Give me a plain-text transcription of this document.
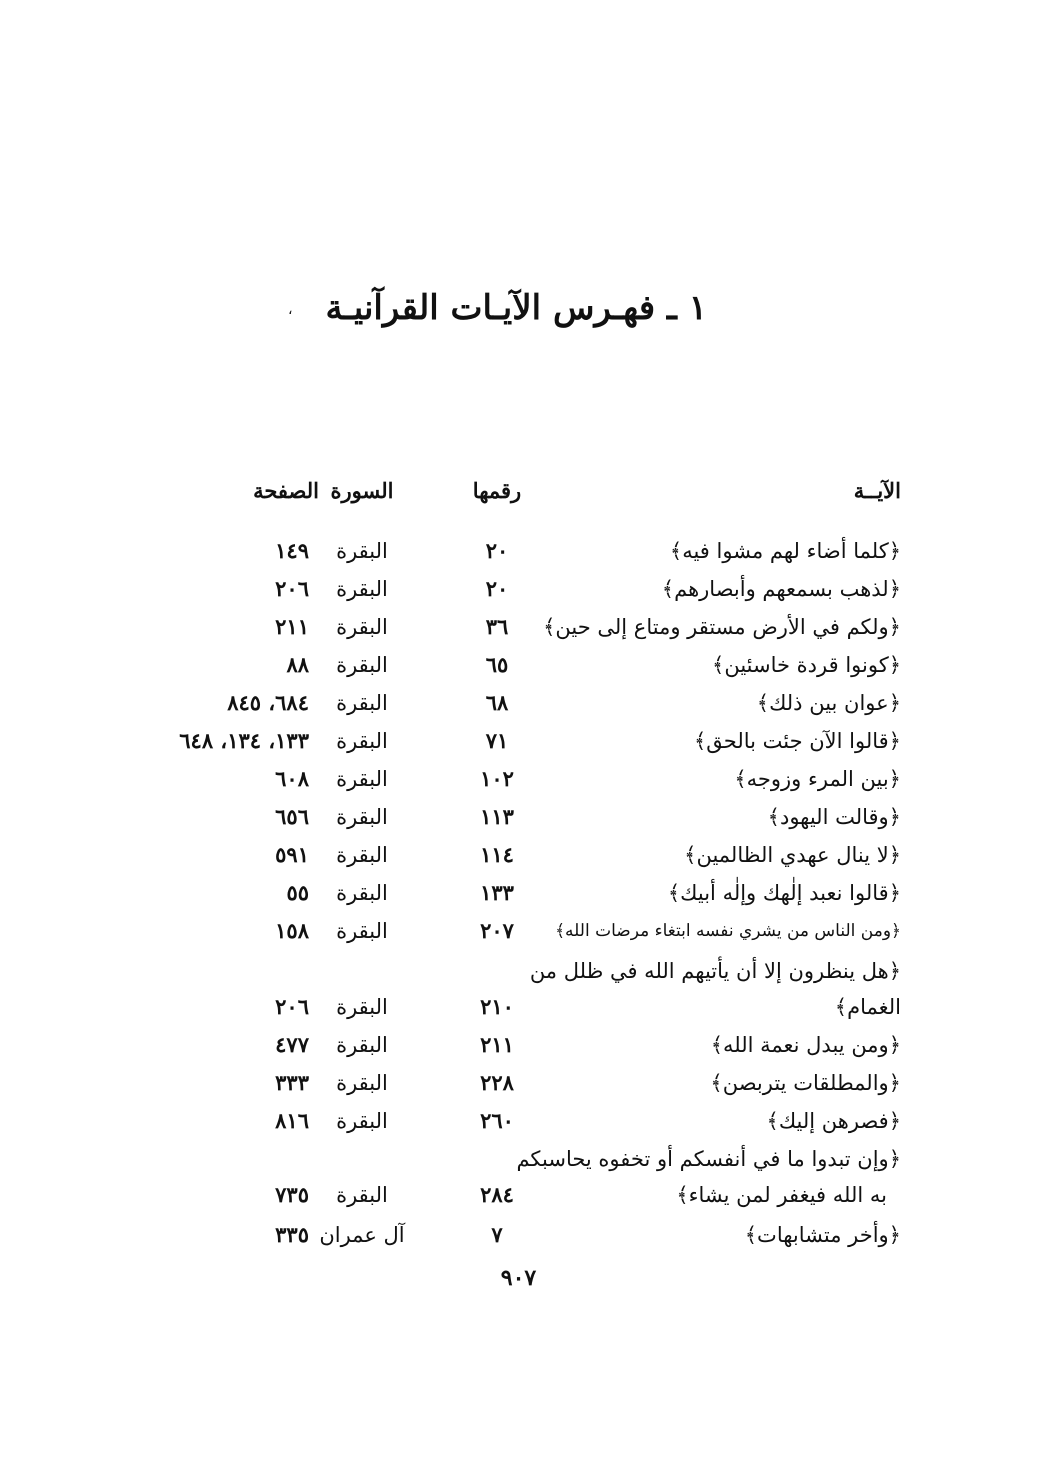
١ ـ فهـرس الآيـات القرآنيـة
،
الآيــة
رقمها
السورة
الصفحة
﴿كلما أضاء لهم مشوا فيه﴾
٢٠
البقرة
١٤٩
﴿لذهب بسمعهم وأبصارهم﴾
٢٠
البقرة
٢٠٦
﴿ولكم في الأرض مستقر ومتاع إلى حين﴾
٣٦
البقرة
٢١١
﴿كونوا قردة خاسئين﴾
٦٥
البقرة
٨٨
﴿عوان بين ذلك﴾
٦٨
البقرة
٦٨٤، ٨٤٥
﴿قالوا الآن جئت بالحق﴾
٧١
البقرة
١٣٣، ١٣٤، ٦٤٨
﴿بين المرء وزوجه﴾
١٠٢
البقرة
٦٠٨
﴿وقالت اليهود﴾
١١٣
البقرة
٦٥٦
﴿لا ينال عهدي الظالمين﴾
١١٤
البقرة
٥٩١
﴿قالوا نعبد إلٰهك وإلٰه أبيك﴾
١٣٣
البقرة
٥٥
﴿ومن الناس من يشري نفسه ابتغاء مرضات الله﴾
٢٠٧
البقرة
١٥٨
﴿هل ينظرون إلا أن يأتيهم الله في ظلل من
الغمام﴾
٢١٠
البقرة
٢٠٦
﴿ومن يبدل نعمة الله﴾
٢١١
البقرة
٤٧٧
﴿والمطلقات يتربصن﴾
٢٢٨
البقرة
٣٣٣
﴿فصرهن إليك﴾
٢٦٠
البقرة
٨١٦
﴿وإن تبدوا ما في أنفسكم أو تخفوه يحاسبكم
به الله فيغفر لمن يشاء﴾
٢٨٤
البقرة
٧٣٥
﴿وأخر متشابهات﴾
٧
آل عمران
٣٣٥
٩٠٧
